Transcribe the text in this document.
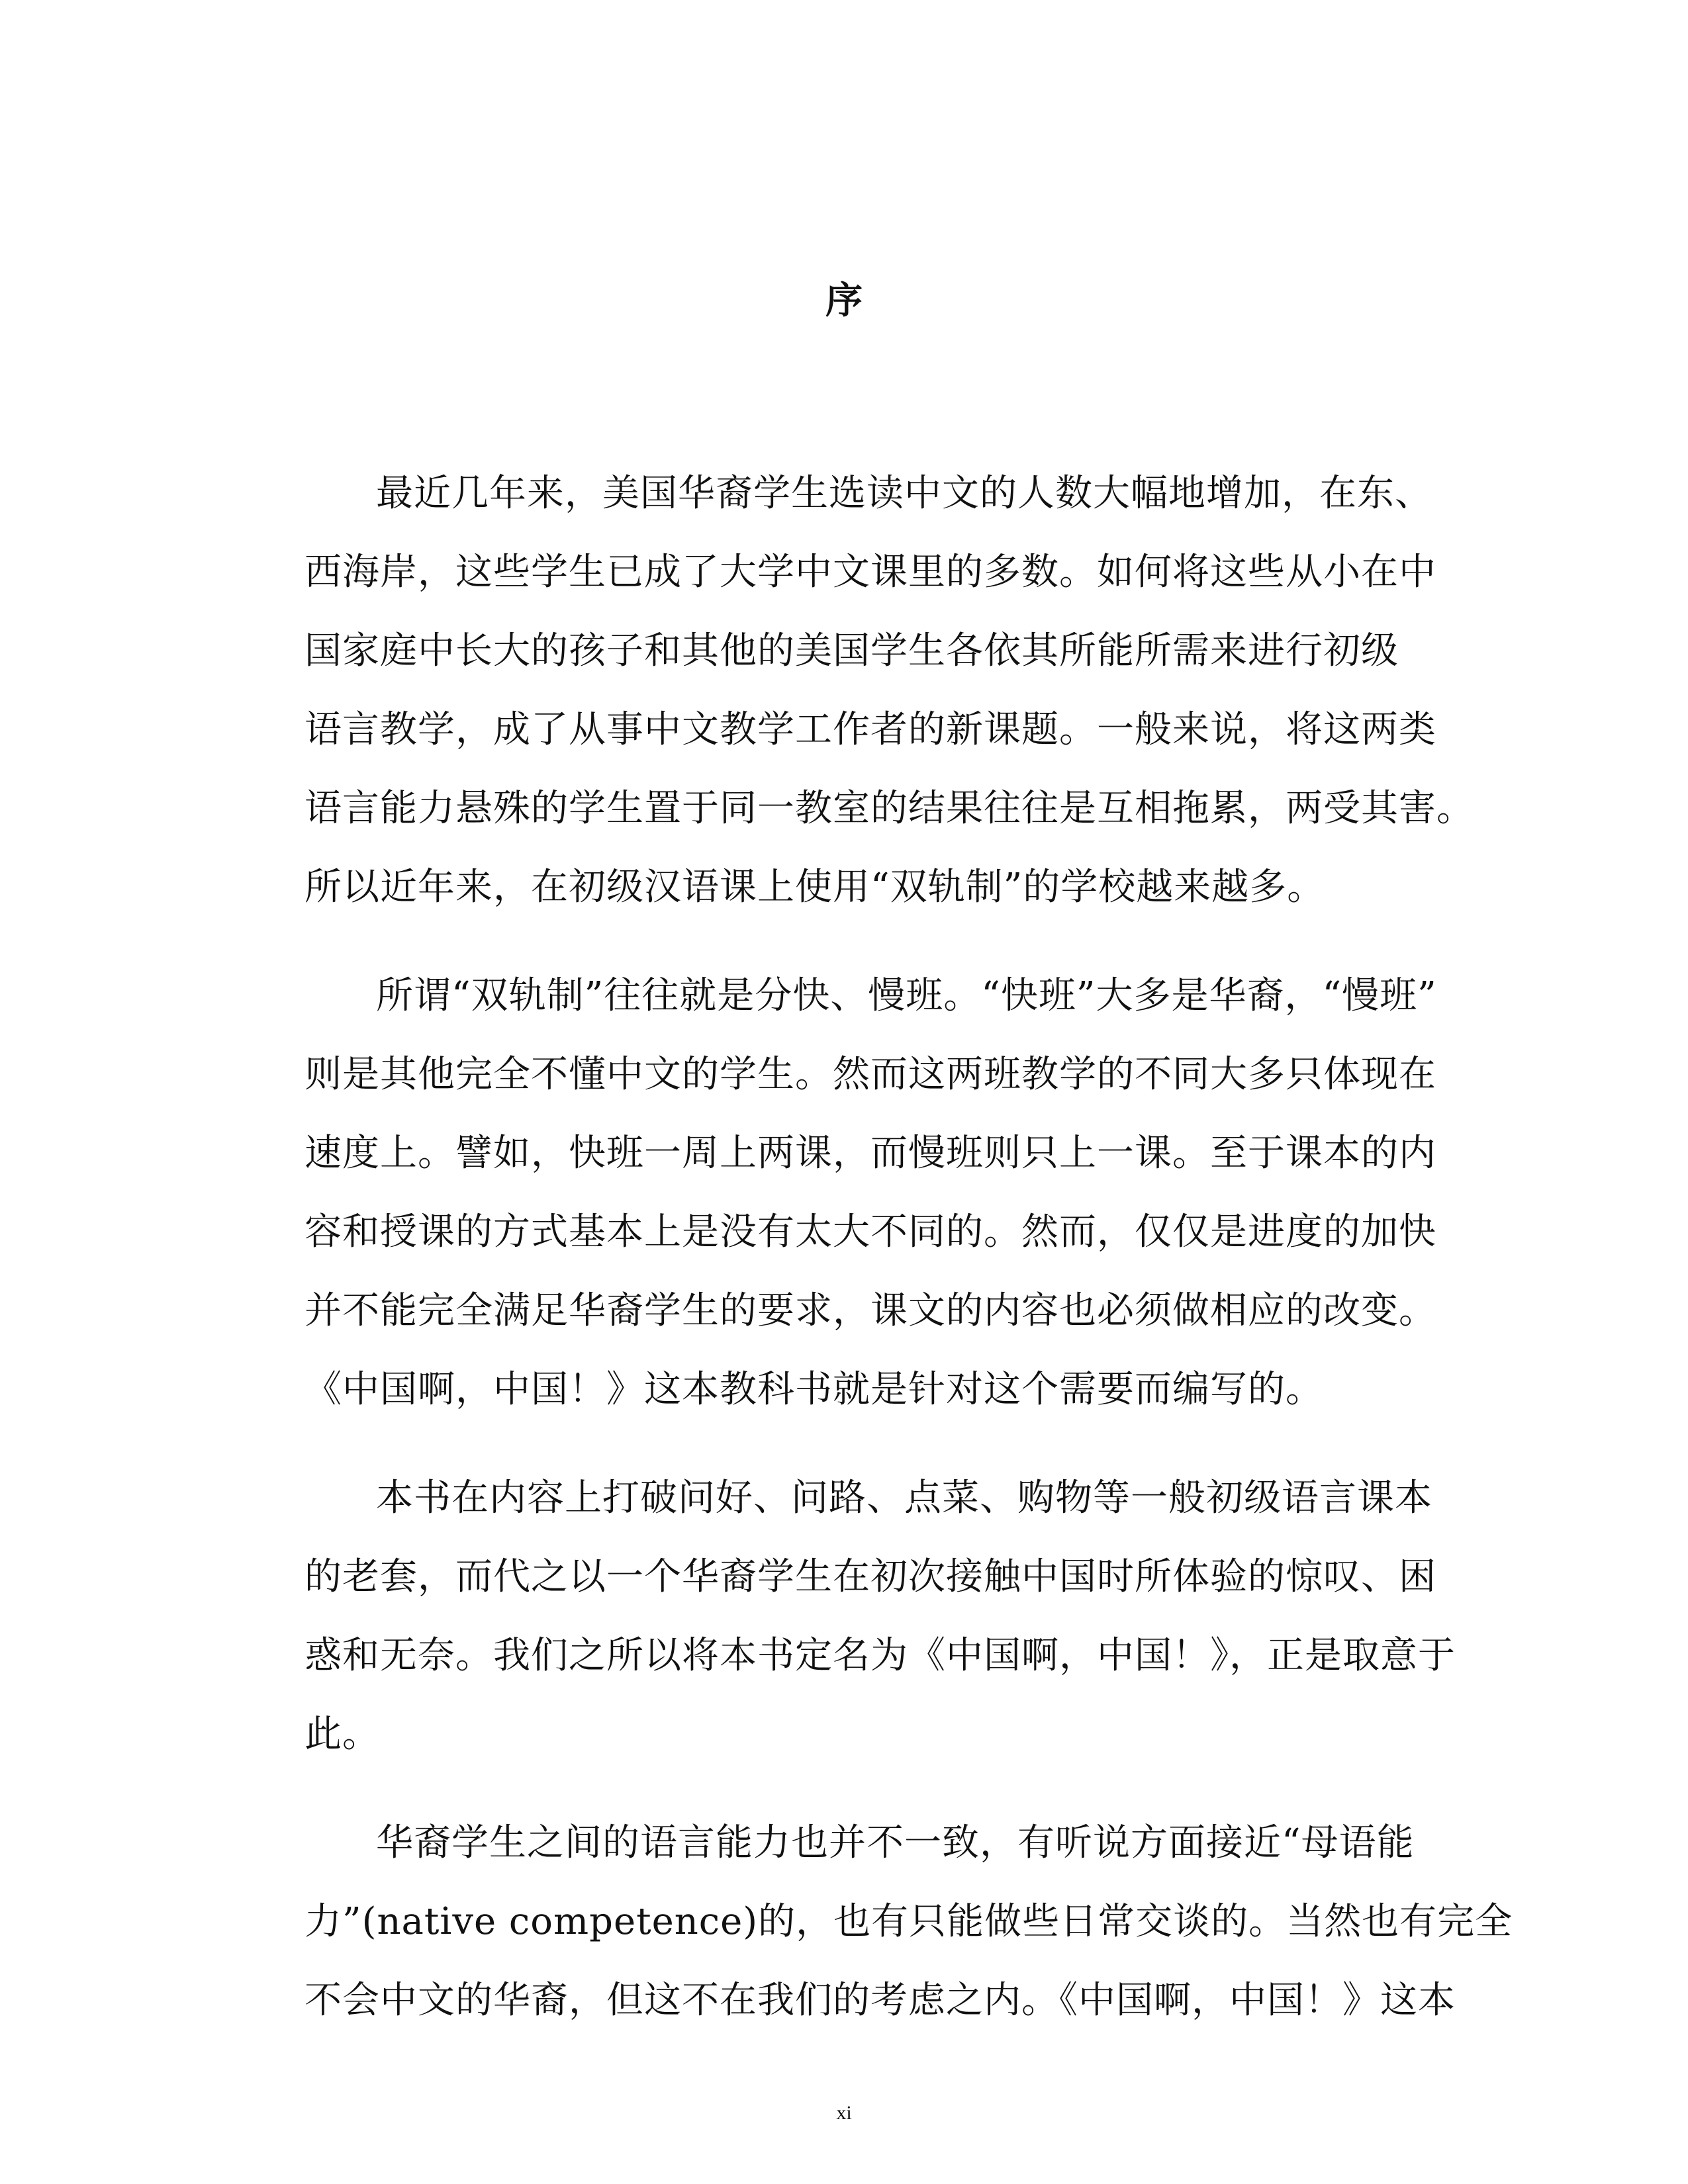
序
最近几年来，美国华裔学生选读中文的人数大幅地增加，在东、
西海岸，这些学生已成了大学中文课里的多数。如何将这些从小在中
国家庭中长大的孩子和其他的美国学生各依其所能所需来进行初级
语言教学，成了从事中文教学工作者的新课题。一般来说，将这两类
语言能力悬殊的学生置于同一教室的结果往往是互相拖累，两受其害。
所以近年来，在初级汉语课上使用“双轨制”的学校越来越多。
所谓“双轨制”往往就是分快、慢班。“快班”大多是华裔，“慢班”
则是其他完全不懂中文的学生。然而这两班教学的不同大多只体现在
速度上。譬如，快班一周上两课，而慢班则只上一课。至于课本的内
容和授课的方式基本上是没有太大不同的。然而，仅仅是进度的加快
并不能完全满足华裔学生的要求，课文的内容也必须做相应的改变。
《中国啊，中国！》这本教科书就是针对这个需要而编写的。
本书在内容上打破问好、问路、点菜、购物等一般初级语言课本
的老套，而代之以一个华裔学生在初次接触中国时所体验的惊叹、困
惑和无奈。我们之所以将本书定名为《中国啊，中国！》，正是取意于
此。
华裔学生之间的语言能力也并不一致，有听说方面接近“母语能
力”(native competence)的，也有只能做些日常交谈的。当然也有完全
不会中文的华裔，但这不在我们的考虑之内。《中国啊，中国！》这本
xi
